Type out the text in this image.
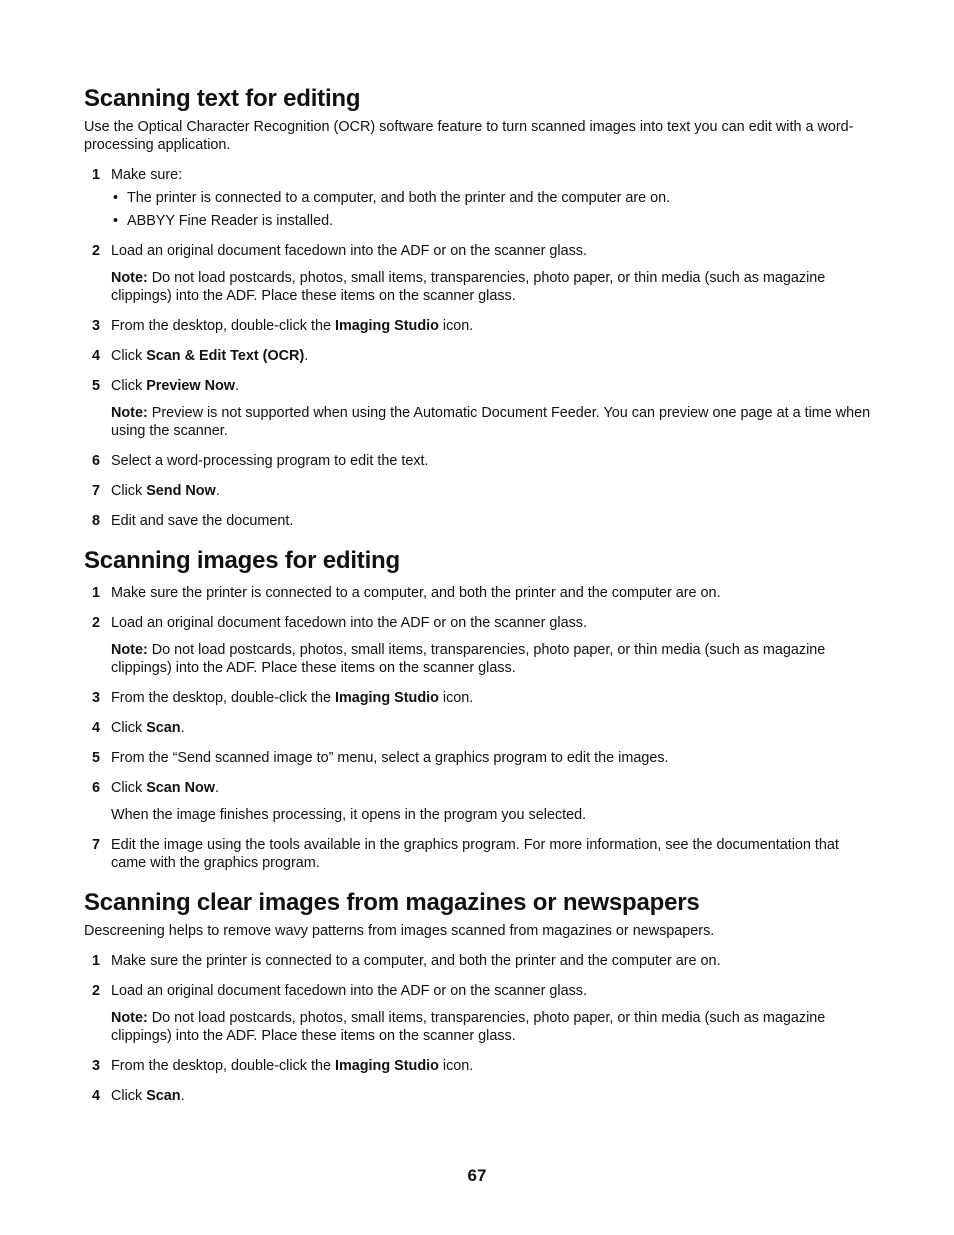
Scanning text for editing

Use the Optical Character Recognition (OCR) software feature to turn scanned images into text you can edit with a word-processing application.

1 Make sure:
• The printer is connected to a computer, and both the printer and the computer are on.
• ABBYY Fine Reader is installed.
2 Load an original document facedown into the ADF or on the scanner glass.
Note: Do not load postcards, photos, small items, transparencies, photo paper, or thin media (such as magazine clippings) into the ADF. Place these items on the scanner glass.
3 From the desktop, double-click the Imaging Studio icon.
4 Click Scan & Edit Text (OCR).
5 Click Preview Now.
Note: Preview is not supported when using the Automatic Document Feeder. You can preview one page at a time when using the scanner.
6 Select a word-processing program to edit the text.
7 Click Send Now.
8 Edit and save the document.
Scanning images for editing
1 Make sure the printer is connected to a computer, and both the printer and the computer are on.
2 Load an original document facedown into the ADF or on the scanner glass.
Note: Do not load postcards, photos, small items, transparencies, photo paper, or thin media (such as magazine clippings) into the ADF. Place these items on the scanner glass.
3 From the desktop, double-click the Imaging Studio icon.
4 Click Scan.
5 From the “Send scanned image to” menu, select a graphics program to edit the images.
6 Click Scan Now.
When the image finishes processing, it opens in the program you selected.
7 Edit the image using the tools available in the graphics program. For more information, see the documentation that came with the graphics program.
Scanning clear images from magazines or newspapers

Descreening helps to remove wavy patterns from images scanned from magazines or newspapers.

1 Make sure the printer is connected to a computer, and both the printer and the computer are on.
2 Load an original document facedown into the ADF or on the scanner glass.
Note: Do not load postcards, photos, small items, transparencies, photo paper, or thin media (such as magazine clippings) into the ADF. Place these items on the scanner glass.
3 From the desktop, double-click the Imaging Studio icon.
4 Click Scan.
67
